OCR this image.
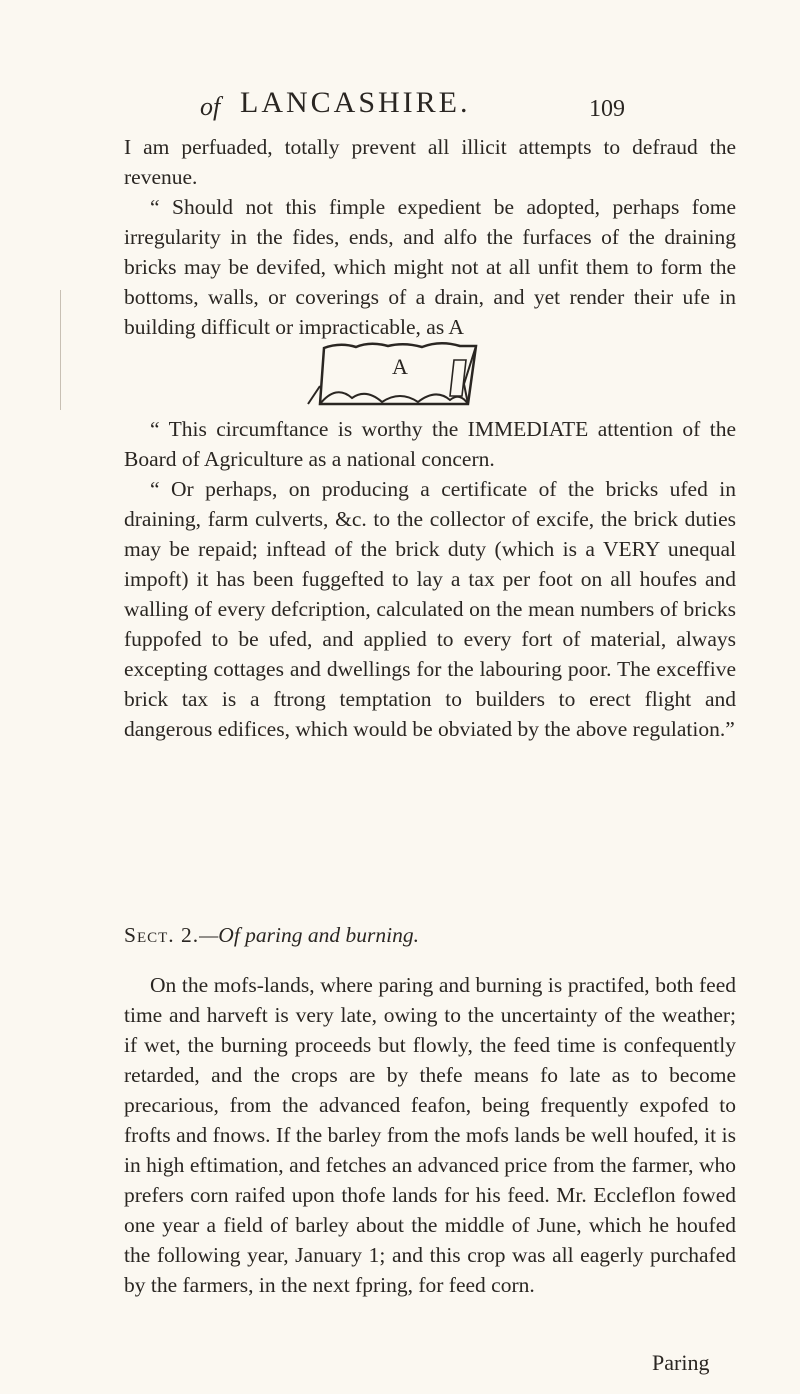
of LANCASHIRE.	109

I am perfuaded, totally prevent all illicit attempts to defraud the revenue.

“ Should not this fimple expedient be adopted, perhaps fome irregularity in the fides, ends, and alfo the furfaces of the draining bricks may be devifed, which might not at all unfit them to form the bottoms, walls, or coverings of a drain, and yet render their ufe in building difficult or impracticable, as A

A

“ This circumftance is worthy the IMMEDIATE attention of the Board of Agriculture as a national concern.

“ Or perhaps, on producing a certificate of the bricks ufed in draining, farm culverts, &c. to the collector of excife, the brick duties may be repaid; inftead of the brick duty (which is a VERY unequal impoft) it has been fuggefted to lay a tax per foot on all houfes and walling of every defcription, calculated on the mean numbers of bricks fuppofed to be ufed, and applied to every fort of material, always excepting cottages and dwellings for the labouring poor. The exceffive brick tax is a ftrong temptation to builders to erect flight and dangerous edifices, which would be obviated by the above regulation.”

Sect. 2.—Of paring and burning.

On the mofs-lands, where paring and burning is practifed, both feed time and harveft is very late, owing to the uncertainty of the weather; if wet, the burning proceeds but flowly, the feed time is confequently retarded, and the crops are by thefe means fo late as to become precarious, from the advanced feafon, being frequently expofed to frofts and fnows. If the barley from the mofs lands be well houfed, it is in high eftimation, and fetches an advanced price from the farmer, who prefers corn raifed upon thofe lands for his feed. Mr. Eccleflon fowed one year a field of barley about the middle of June, which he houfed the following year, January 1; and this crop was all eagerly purchafed by the farmers, in the next fpring, for feed corn.

Paring
